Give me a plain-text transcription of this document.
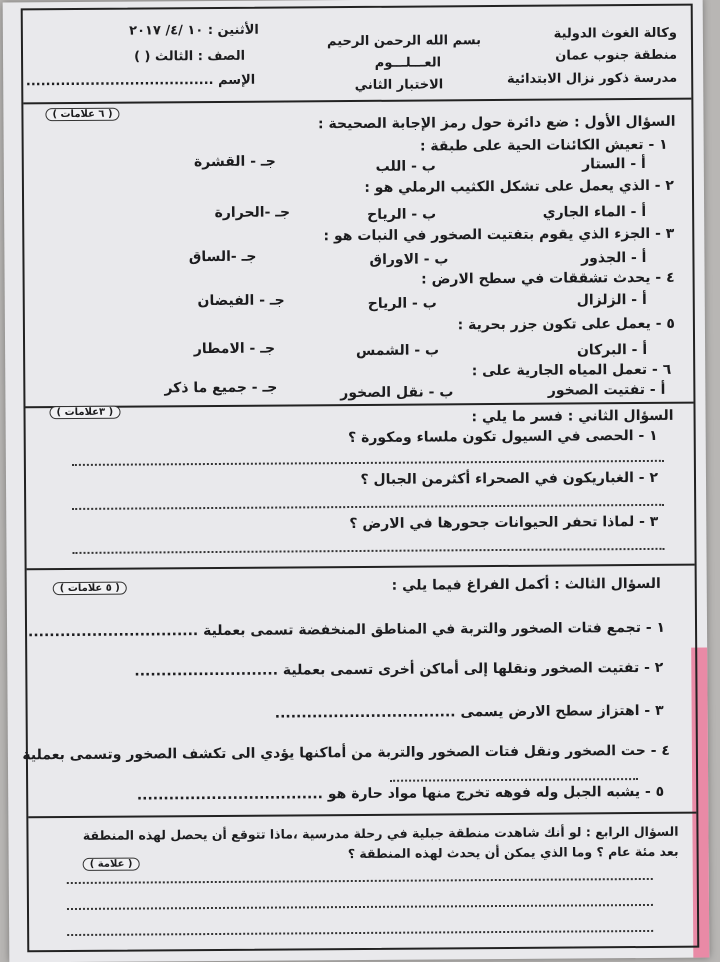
وكالة الغوث الدولية
منطقة جنوب عمان
مدرسة ذكور نزال الابتدائية
بسم الله الرحمن الرحيم
العـــلـــوم
الاختبار الثاني
الأثنين : ١٠ /٤/ ٢٠١٧
الصف : الثالث ( )
الإسم ......................................
( ٦ علامات )	السؤال الأول : ضع دائرة حول رمز الإجابة الصحيحة :
١ - تعيش الكائنات الحية على طبقة :
أ - الستار
ب - اللب
جـ - القشرة
٢ - الذي يعمل على تشكل الكثيب الرملي هو :
أ - الماء الجاري
ب - الرياح
جـ -الحرارة
٣ - الجزء الذي يقوم بتفتيت الصخور في النبات هو :
أ - الجذور
ب - الاوراق
جـ -الساق
٤ - يحدث تشققات في سطح الارض :
أ - الزلزال
ب - الرياح
جـ - الفيضان
٥ - يعمل على تكون جزر بحرية :
أ - البركان
ب - الشمس
جـ - الامطار
٦ - تعمل المياه الجارية على :
أ - تفتيت الصخور
ب - نقل الصخور
جـ - جميع ما ذكر
( ٣علامات )	السؤال الثاني : فسر ما يلي :
١ - الحصى في السيول تكون ملساء ومكورة ؟
٢ - الغباريكون في الصحراء أكثرمن الجبال ؟
٣ - لماذا تحفر الحيوانات جحورها في الارض ؟
( ٥ علامات )	السؤال الثالث : أكمل الفراغ فيما يلي :
١ - تجمع فتات الصخور والتربة في المناطق المنخفضة تسمى بعملية ................................
٢ - تفتيت الصخور ونقلها إلى أماكن أخرى تسمى بعملية ...........................
٣ - اهتزاز سطح الارض يسمى ..................................
٤ - حت الصخور ونقل فتات الصخور والتربة من أماكنها يؤدي الى تكشف الصخور وتسمى بعملية
٥ - يشبه الجبل وله فوهه تخرج منها مواد حارة هو ...................................
السؤال الرابع : لو أنك شاهدت منطقة جبلية في رحلة مدرسية ،ماذا تتوقع أن يحصل لهذه المنطقة
بعد مئة عام ؟ وما الذي يمكن أن يحدث لهذه المنطقة ؟
( علامة )
